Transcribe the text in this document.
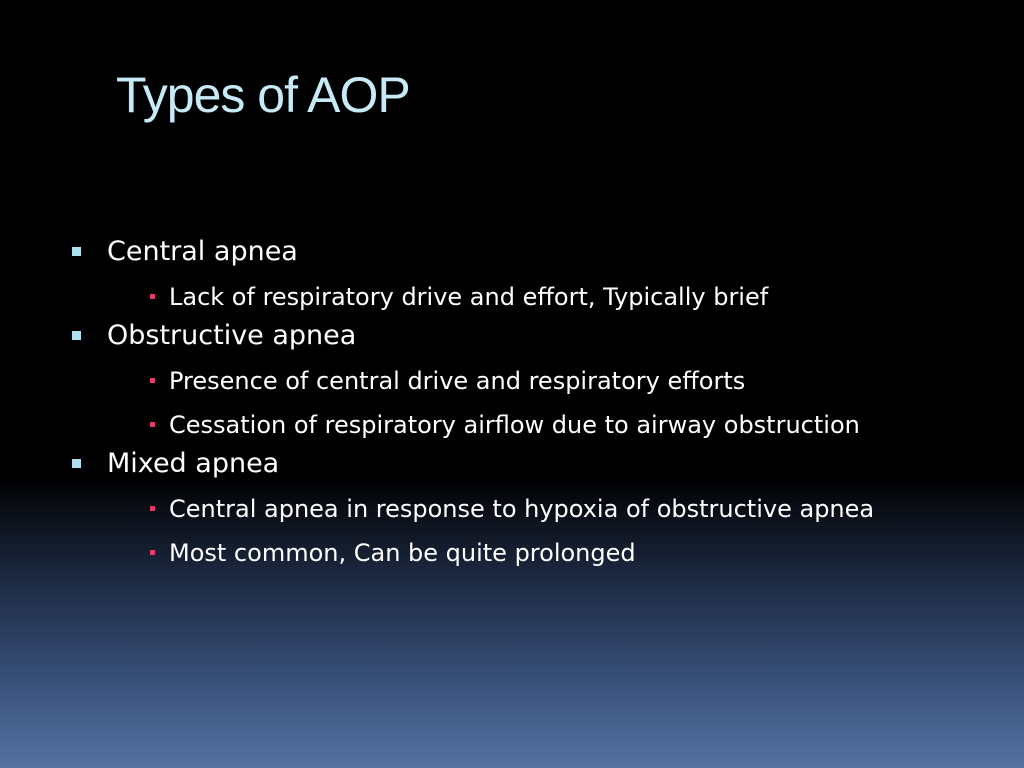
Types of AOP
Central apnea
Lack of respiratory drive and effort, Typically brief
Obstructive apnea
Presence of central drive and respiratory efforts
Cessation of respiratory airflow due to airway obstruction
Mixed apnea
Central apnea in response to hypoxia of obstructive apnea
Most common, Can be quite prolonged
